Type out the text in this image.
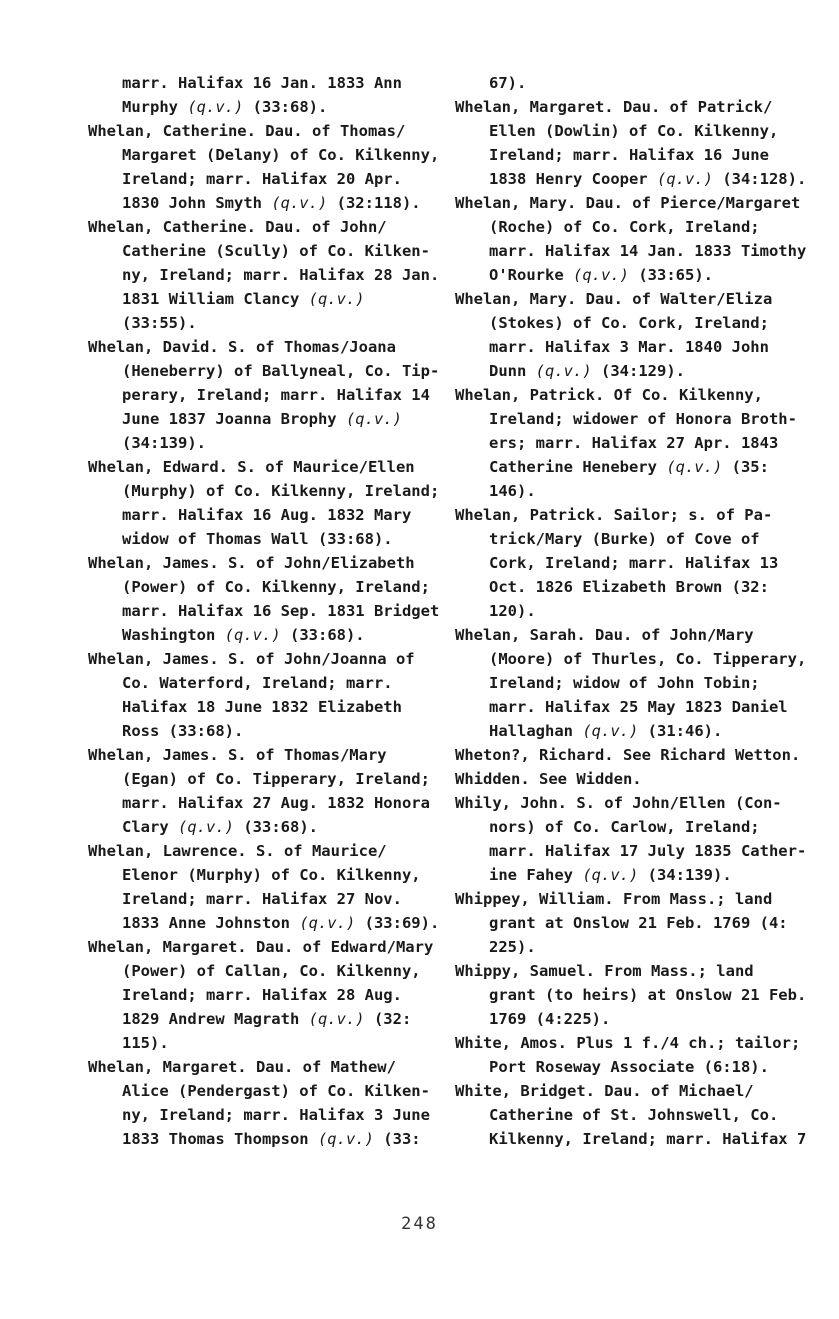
marr. Halifax 16 Jan. 1833 Ann
Murphy (q.v.) (33:68).
Whelan, Catherine. Dau. of Thomas/
Margaret (Delany) of Co. Kilkenny,
Ireland; marr. Halifax 20 Apr.
1830 John Smyth (q.v.) (32:118).
Whelan, Catherine. Dau. of John/
Catherine (Scully) of Co. Kilken-
ny, Ireland; marr. Halifax 28 Jan.
1831 William Clancy (q.v.)
(33:55).
Whelan, David. S. of Thomas/Joana
(Heneberry) of Ballyneal, Co. Tip-
perary, Ireland; marr. Halifax 14
June 1837 Joanna Brophy (q.v.)
(34:139).
Whelan, Edward. S. of Maurice/Ellen
(Murphy) of Co. Kilkenny, Ireland;
marr. Halifax 16 Aug. 1832 Mary
widow of Thomas Wall (33:68).
Whelan, James. S. of John/Elizabeth
(Power) of Co. Kilkenny, Ireland;
marr. Halifax 16 Sep. 1831 Bridget
Washington (q.v.) (33:68).
Whelan, James. S. of John/Joanna of
Co. Waterford, Ireland; marr.
Halifax 18 June 1832 Elizabeth
Ross (33:68).
Whelan, James. S. of Thomas/Mary
(Egan) of Co. Tipperary, Ireland;
marr. Halifax 27 Aug. 1832 Honora
Clary (q.v.) (33:68).
Whelan, Lawrence. S. of Maurice/
Elenor (Murphy) of Co. Kilkenny,
Ireland; marr. Halifax 27 Nov.
1833 Anne Johnston (q.v.) (33:69).
Whelan, Margaret. Dau. of Edward/Mary
(Power) of Callan, Co. Kilkenny,
Ireland; marr. Halifax 28 Aug.
1829 Andrew Magrath (q.v.) (32:
115).
Whelan, Margaret. Dau. of Mathew/
Alice (Pendergast) of Co. Kilken-
ny, Ireland; marr. Halifax 3 June
1833 Thomas Thompson (q.v.) (33:
67).
Whelan, Margaret. Dau. of Patrick/
Ellen (Dowlin) of Co. Kilkenny,
Ireland; marr. Halifax 16 June
1838 Henry Cooper (q.v.) (34:128).
Whelan, Mary. Dau. of Pierce/Margaret
(Roche) of Co. Cork, Ireland;
marr. Halifax 14 Jan. 1833 Timothy
O'Rourke (q.v.) (33:65).
Whelan, Mary. Dau. of Walter/Eliza
(Stokes) of Co. Cork, Ireland;
marr. Halifax 3 Mar. 1840 John
Dunn (q.v.) (34:129).
Whelan, Patrick. Of Co. Kilkenny,
Ireland; widower of Honora Broth-
ers; marr. Halifax 27 Apr. 1843
Catherine Henebery (q.v.) (35:
146).
Whelan, Patrick. Sailor; s. of Pa-
trick/Mary (Burke) of Cove of
Cork, Ireland; marr. Halifax 13
Oct. 1826 Elizabeth Brown (32:
120).
Whelan, Sarah. Dau. of John/Mary
(Moore) of Thurles, Co. Tipperary,
Ireland; widow of John Tobin;
marr. Halifax 25 May 1823 Daniel
Hallaghan (q.v.) (31:46).
Wheton?, Richard. See Richard Wetton.
Whidden. See Widden.
Whily, John. S. of John/Ellen (Con-
nors) of Co. Carlow, Ireland;
marr. Halifax 17 July 1835 Cather-
ine Fahey (q.v.) (34:139).
Whippey, William. From Mass.; land
grant at Onslow 21 Feb. 1769 (4:
225).
Whippy, Samuel. From Mass.; land
grant (to heirs) at Onslow 21 Feb.
1769 (4:225).
White, Amos. Plus 1 f./4 ch.; tailor;
Port Roseway Associate (6:18).
White, Bridget. Dau. of Michael/
Catherine of St. Johnswell, Co.
Kilkenny, Ireland; marr. Halifax 7
248
